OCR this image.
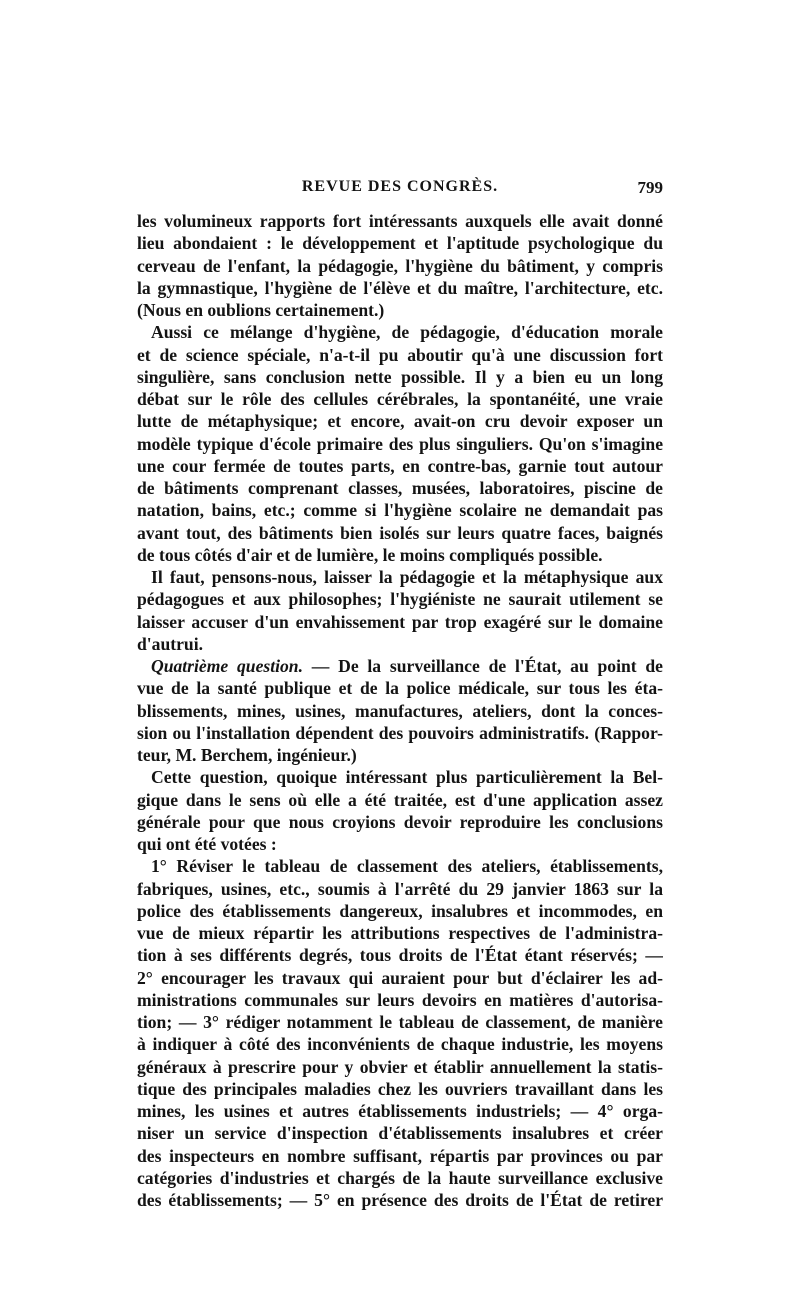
REVUE DES CONGRÈS.	799
les volumineux rapports fort intéressants auxquels elle avait donné
lieu abondaient : le développement et l'aptitude psychologique du
cerveau de l'enfant, la pédagogie, l'hygiène du bâtiment, y compris
la gymnastique, l'hygiène de l'élève et du maître, l'architecture, etc.
(Nous en oublions certainement.)
Aussi ce mélange d'hygiène, de pédagogie, d'éducation morale
et de science spéciale, n'a-t-il pu aboutir qu'à une discussion fort
singulière, sans conclusion nette possible. Il y a bien eu un long
débat sur le rôle des cellules cérébrales, la spontanéité, une vraie
lutte de métaphysique; et encore, avait-on cru devoir exposer un
modèle typique d'école primaire des plus singuliers. Qu'on s'imagine
une cour fermée de toutes parts, en contre-bas, garnie tout autour
de bâtiments comprenant classes, musées, laboratoires, piscine de
natation, bains, etc.; comme si l'hygiène scolaire ne demandait pas
avant tout, des bâtiments bien isolés sur leurs quatre faces, baignés
de tous côtés d'air et de lumière, le moins compliqués possible.
Il faut, pensons-nous, laisser la pédagogie et la métaphysique aux
pédagogues et aux philosophes; l'hygiéniste ne saurait utilement se
laisser accuser d'un envahissement par trop exagéré sur le domaine
d'autrui.
Quatrième question. — De la surveillance de l'État, au point de
vue de la santé publique et de la police médicale, sur tous les éta-
blissements, mines, usines, manufactures, ateliers, dont la conces-
sion ou l'installation dépendent des pouvoirs administratifs. (Rappor-
teur, M. Berchem, ingénieur.)
Cette question, quoique intéressant plus particulièrement la Bel-
gique dans le sens où elle a été traitée, est d'une application assez
générale pour que nous croyions devoir reproduire les conclusions
qui ont été votées :
1° Réviser le tableau de classement des ateliers, établissements,
fabriques, usines, etc., soumis à l'arrêté du 29 janvier 1863 sur la
police des établissements dangereux, insalubres et incommodes, en
vue de mieux répartir les attributions respectives de l'administra-
tion à ses différents degrés, tous droits de l'État étant réservés; —
2° encourager les travaux qui auraient pour but d'éclairer les ad-
ministrations communales sur leurs devoirs en matières d'autorisa-
tion; — 3° rédiger notamment le tableau de classement, de manière
à indiquer à côté des inconvénients de chaque industrie, les moyens
généraux à prescrire pour y obvier et établir annuellement la statis-
tique des principales maladies chez les ouvriers travaillant dans les
mines, les usines et autres établissements industriels; — 4° orga-
niser un service d'inspection d'établissements insalubres et créer
des inspecteurs en nombre suffisant, répartis par provinces ou par
catégories d'industries et chargés de la haute surveillance exclusive
des établissements; — 5° en présence des droits de l'État de retirer
